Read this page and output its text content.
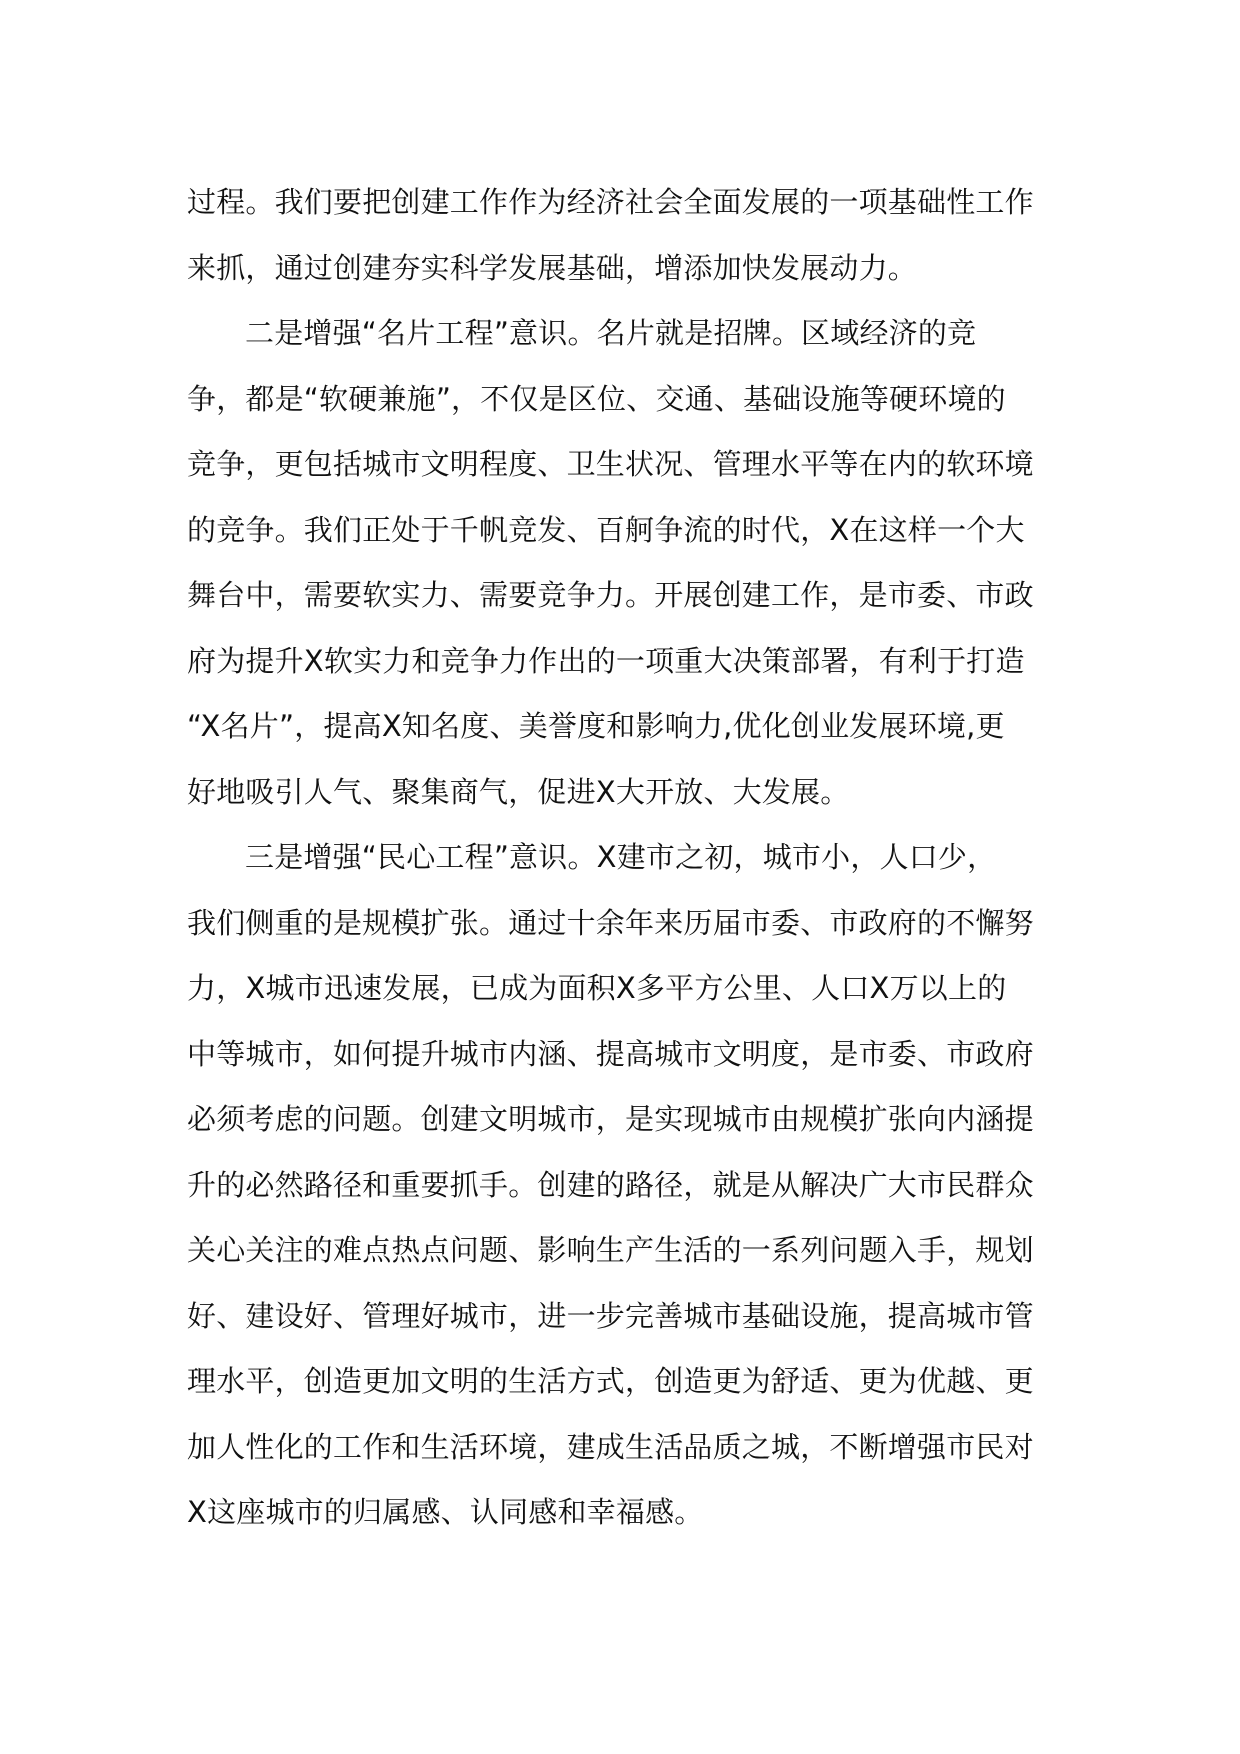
过程。我们要把创建工作作为经济社会全面发展的一项基础性工作
来抓，通过创建夯实科学发展基础，增添加快发展动力。
二是增强“名片工程”意识。名片就是招牌。区域经济的竞
争，都是“软硬兼施”，不仅是区位、交通、基础设施等硬环境的
竞争，更包括城市文明程度、卫生状况、管理水平等在内的软环境
的竞争。我们正处于千帆竞发、百舸争流的时代，X在这样一个大
舞台中，需要软实力、需要竞争力。开展创建工作，是市委、市政
府为提升X软实力和竞争力作出的一项重大决策部署，有利于打造
“X名片”，提高X知名度、美誉度和影响力,优化创业发展环境,更
好地吸引人气、聚集商气，促进X大开放、大发展。
三是增强“民心工程”意识。X建市之初，城市小，人口少，
我们侧重的是规模扩张。通过十余年来历届市委、市政府的不懈努
力，X城市迅速发展，已成为面积X多平方公里、人口X万以上的
中等城市，如何提升城市内涵、提高城市文明度，是市委、市政府
必须考虑的问题。创建文明城市，是实现城市由规模扩张向内涵提
升的必然路径和重要抓手。创建的路径，就是从解决广大市民群众
关心关注的难点热点问题、影响生产生活的一系列问题入手，规划
好、建设好、管理好城市，进一步完善城市基础设施，提高城市管
理水平，创造更加文明的生活方式，创造更为舒适、更为优越、更
加人性化的工作和生活环境，建成生活品质之城，不断增强市民对
X这座城市的归属感、认同感和幸福感。
